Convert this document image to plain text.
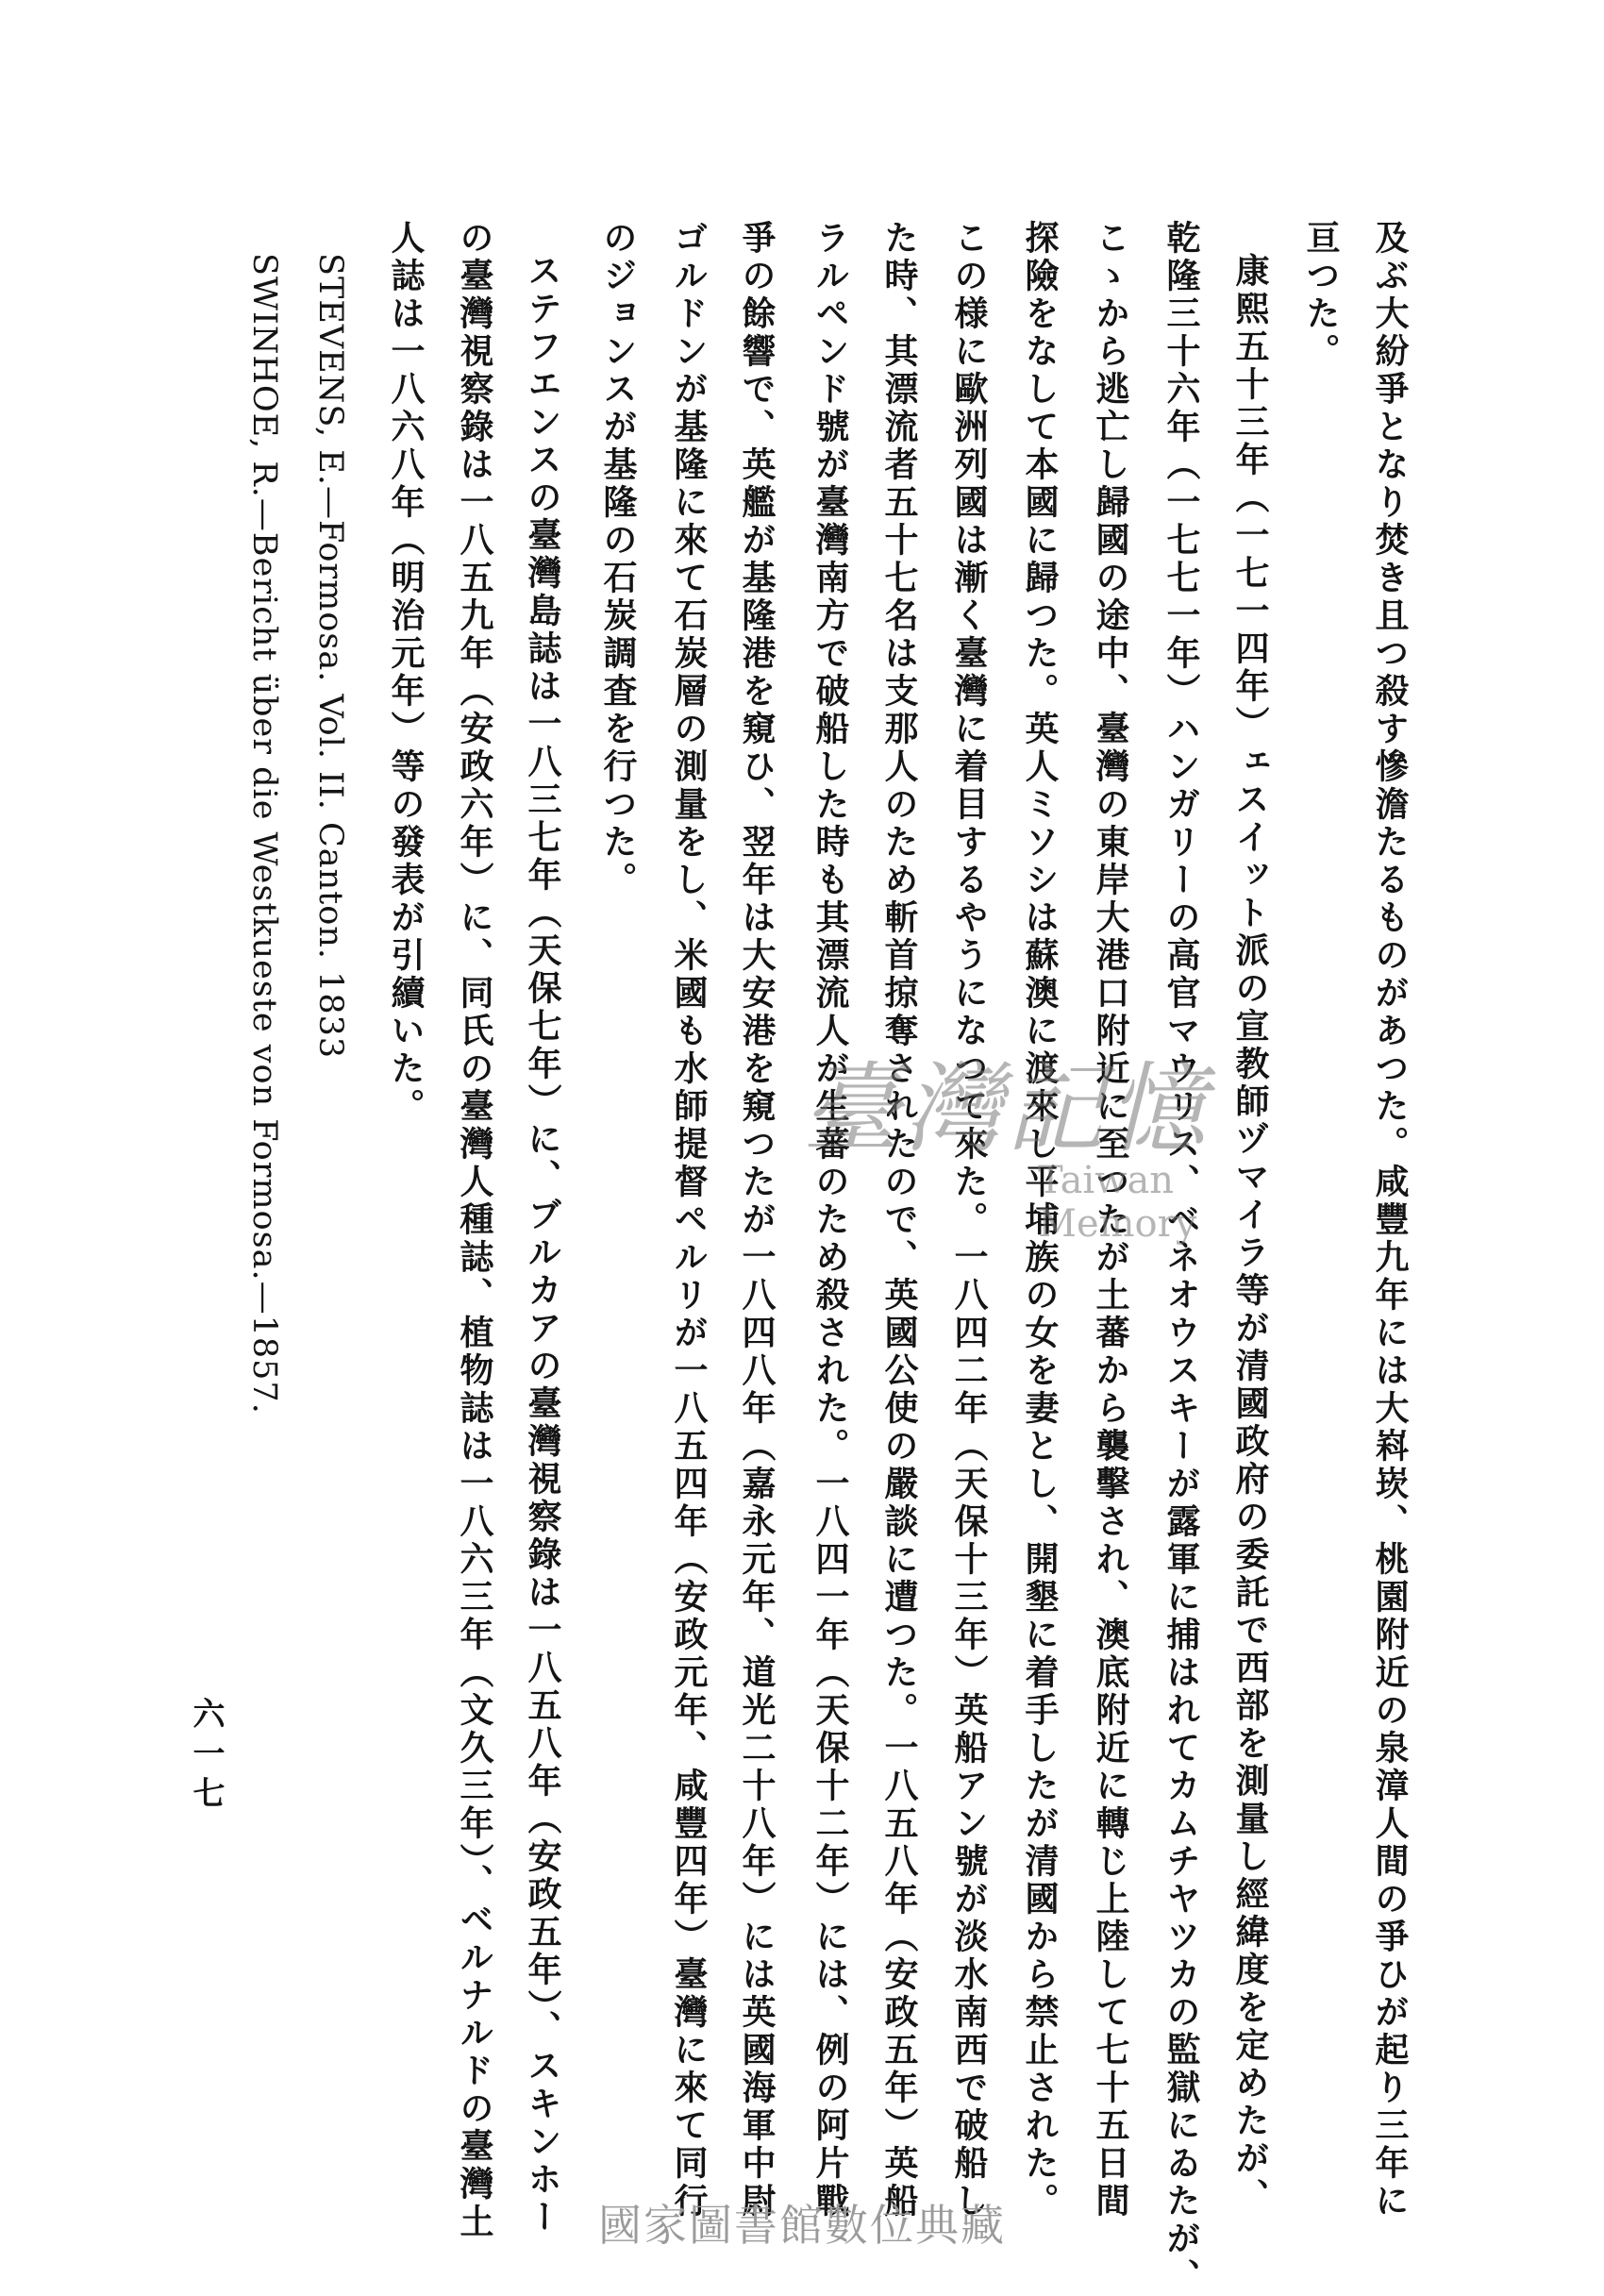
及ぶ大紛爭となり焚き且つ殺す慘澹たるものがあつた。咸豐九年には大嵙崁、桃園附近の泉漳人間の爭ひが起り三年に
亘つた。
康熙五十三年（一七一四年）ェスイット派の宣教師ヅマイラ等が清國政府の委託で西部を測量し經緯度を定めたが、
乾隆三十六年（一七七一年）ハンガリーの高官マウリス、ベネオウスキーが露軍に捕はれてカムチヤツカの監獄にゐたが、
こゝから逃亡し歸國の途中、臺灣の東岸大港口附近に至つたが土蕃から襲擊され、澳底附近に轉じ上陸して七十五日間
探險をなして本國に歸つた。英人ミソシは蘇澳に渡來し平埔族の女を妻とし、開墾に着手したが清國から禁止された。
この様に歐洲列國は漸く臺灣に着目するやうになつて來た。一八四二年（天保十三年）英船アン號が淡水南西で破船し
た時、其漂流者五十七名は支那人のため斬首掠奪されたので、英國公使の嚴談に遭つた。一八五八年（安政五年）英船
ラルペンド號が臺灣南方で破船した時も其漂流人が生蕃のため殺された。一八四一年（天保十二年）には、例の阿片戰
爭の餘響で、英艦が基隆港を窺ひ、翌年は大安港を窺つたが一八四八年（嘉永元年、道光二十八年）には英國海軍中尉
ゴルドンが基隆に來て石炭層の測量をし、米國も水師提督ペルリが一八五四年（安政元年、咸豐四年）臺灣に來て同行
のジョンスが基隆の石炭調査を行つた。
ステフエンスの臺灣島誌は一八三七年（天保七年）に、ブルカアの臺灣視察錄は一八五八年（安政五年）、スキンホー
の臺灣視察錄は一八五九年（安政六年）に、同氏の臺灣人種誌、植物誌は一八六三年（文久三年）、ベルナルドの臺灣土
人誌は一八六八年（明治元年）等の發表が引續いた。
STEVENS, E.—Formosa. Vol. II. Canton. 1833
SWINHOE, R.—Bericht über die Westkueste von Formosa.—1857.
六一七
臺灣記憶
Taiwan Memory
國家圖書館數位典藏
